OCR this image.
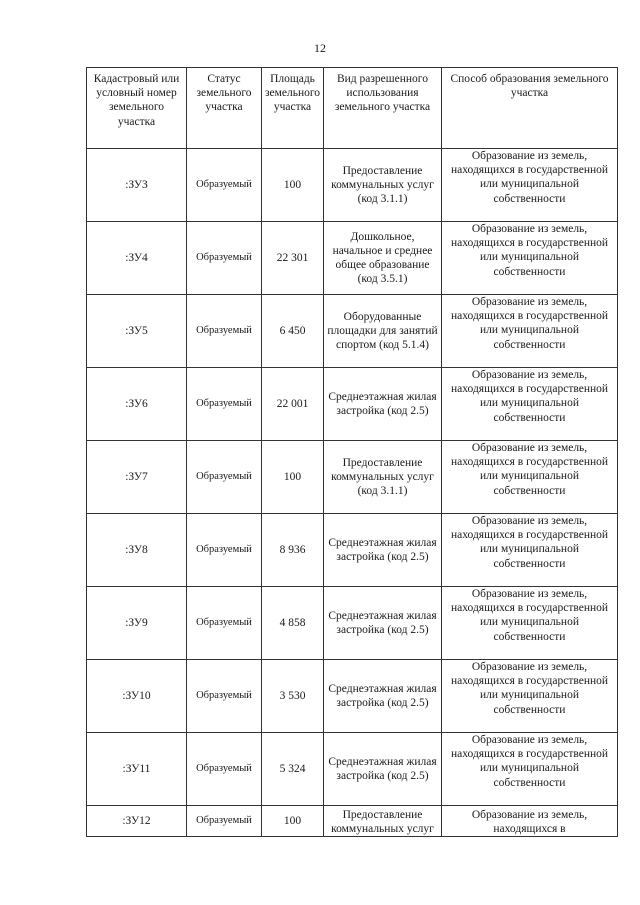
12
Кадастровый или условный номер земельного участка	Статус земельного участка	Площадь земельного участка	Вид разрешенного использования земельного участка	Способ образования земельного участка
:ЗУ3	Образуемый	100	Предоставление коммунальных услуг (код 3.1.1)	Образование из земель, находящихся в государственной или муниципальной собственности
:ЗУ4	Образуемый	22 301	Дошкольное, начальное и среднее общее образование (код 3.5.1)	Образование из земель, находящихся в государственной или муниципальной собственности
:ЗУ5	Образуемый	6 450	Оборудованные площадки для занятий спортом (код 5.1.4)	Образование из земель, находящихся в государственной или муниципальной собственности
:ЗУ6	Образуемый	22 001	Среднеэтажная жилая застройка (код 2.5)	Образование из земель, находящихся в государственной или муниципальной собственности
:ЗУ7	Образуемый	100	Предоставление коммунальных услуг (код 3.1.1)	Образование из земель, находящихся в государственной или муниципальной собственности
:ЗУ8	Образуемый	8 936	Среднеэтажная жилая застройка (код 2.5)	Образование из земель, находящихся в государственной или муниципальной собственности
:ЗУ9	Образуемый	4 858	Среднеэтажная жилая застройка (код 2.5)	Образование из земель, находящихся в государственной или муниципальной собственности
:ЗУ10	Образуемый	3 530	Среднеэтажная жилая застройка (код 2.5)	Образование из земель, находящихся в государственной или муниципальной собственности
:ЗУ11	Образуемый	5 324	Среднеэтажная жилая застройка (код 2.5)	Образование из земель, находящихся в государственной или муниципальной собственности
:ЗУ12	Образуемый	100	Предоставление коммунальных услуг	Образование из земель, находящихся в
